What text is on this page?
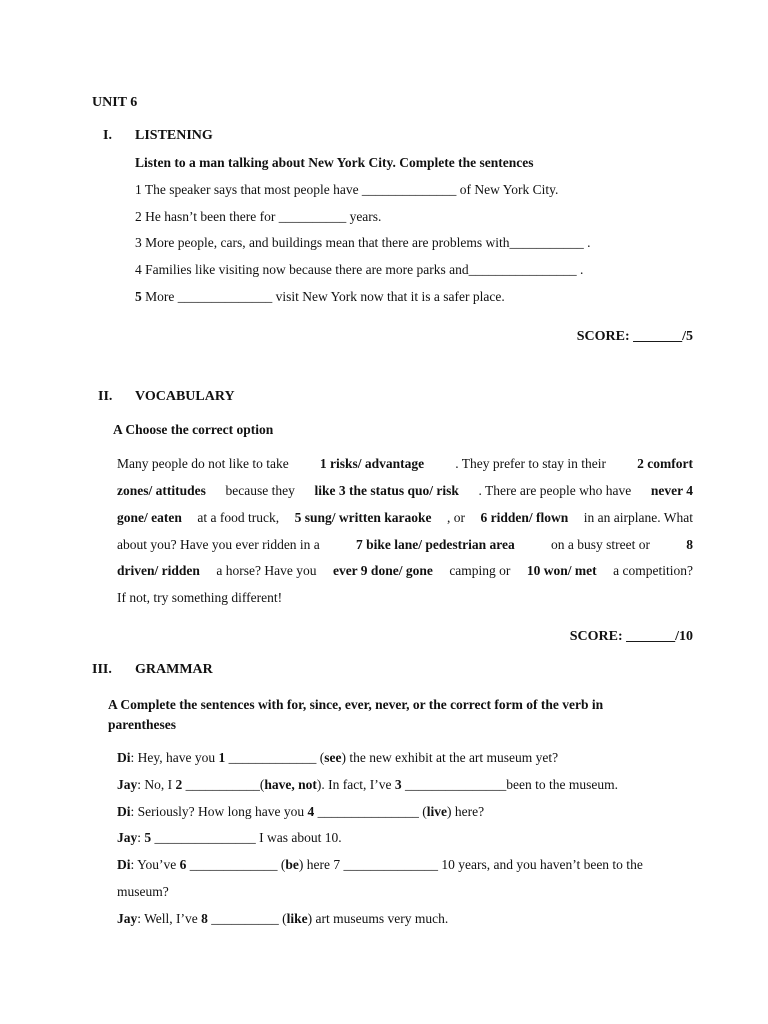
UNIT 6
I. LISTENING
Listen to a man talking about New York City. Complete the sentences
1 The speaker says that most people have ______________ of New York City.
2 He hasn’t been there for __________ years.
3 More people, cars, and buildings mean that there are problems with___________ .
4 Families like visiting now because there are more parks and________________ .
5 More ______________ visit New York now that it is a safer place.
SCORE: _______/5
II. VOCABULARY
A Choose the correct option
Many people do not like to take 1 risks/ advantage . They prefer to stay in their 2 comfort
zones/ attitudes because they like 3 the status quo/ risk . There are people who have never 4
gone/ eaten at a food truck, 5 sung/ written karaoke , or 6 ridden/ flown in an airplane. What
about you? Have you ever ridden in a	7 bike lane/ pedestrian area	on a busy street or	8
driven/ ridden a horse? Have you ever 9 done/ gone camping or 10 won/ met a competition?
If not, try something different!
SCORE: _______/10
III. GRAMMAR
A Complete the sentences with for, since, ever, never, or the correct form of the verb in
parentheses
Di: Hey, have you 1 _____________ (see) the new exhibit at the art museum yet?
Jay: No, I 2 ___________(have, not). In fact, I’ve 3 _______________been to the museum.
Di: Seriously? How long have you 4 _______________ (live) here?
Jay: 5 _______________ I was about 10.
Di: You’ve 6 _____________ (be) here 7 ______________ 10 years, and you haven’t been to the
museum?
Jay: Well, I’ve 8 __________ (like) art museums very much.
